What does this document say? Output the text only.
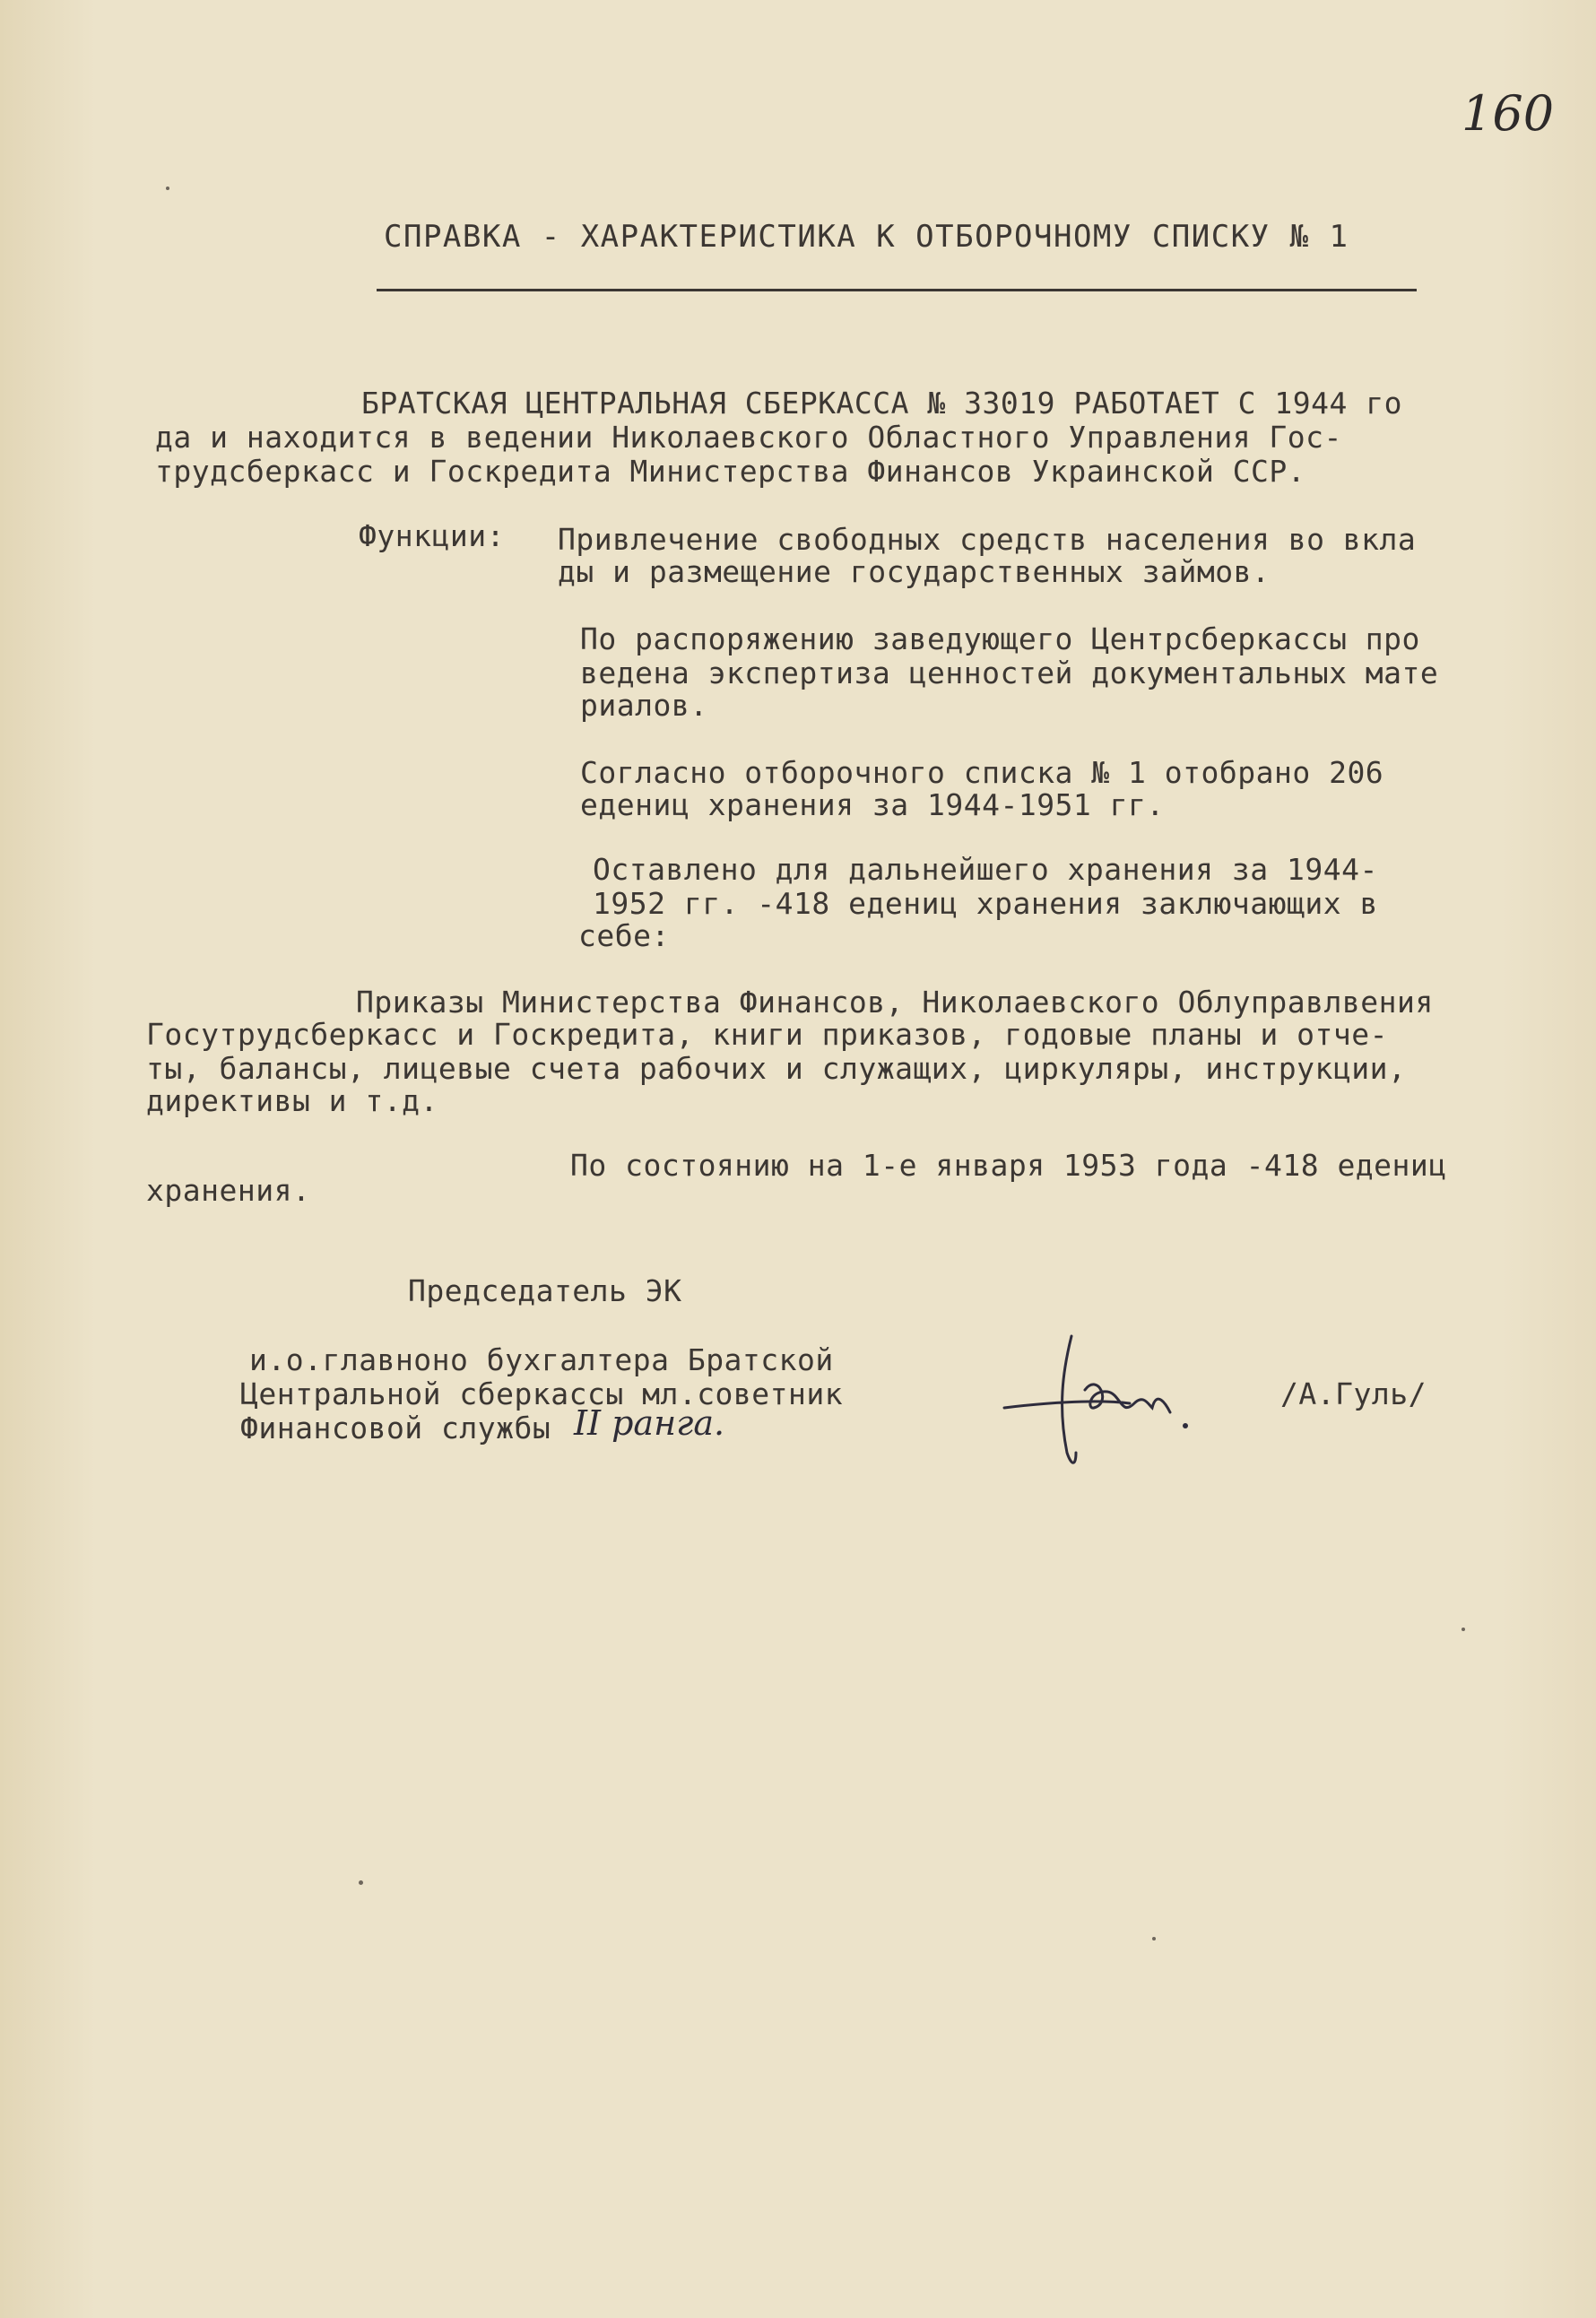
160
СПРАВКА - ХАРАКТЕРИСТИКА К ОТБОРОЧНОМУ СПИСКУ № 1
БРАТСКАЯ ЦЕНТРАЛЬНАЯ СБЕРКАССА № 33019 РАБОТАЕТ С 1944 го
да и находится в ведении Николаевского Областного Управления Гос-
трудсберкасс и Госкредита Министерства Финансов Украинской ССР.
Функции: Привлечение свободных средств населения во вкла
ды и размещение государственных займов.
По распоряжению заведующего Центрсберкассы про
ведена экспертиза ценностей документальных мате
риалов.
Согласно отборочного списка № 1 отобрано 206
едениц хранения за 1944-1951 гг.
Оставлено для дальнейшего хранения за 1944-
1952 гг. -418 едениц хранения заключающих в
себе:
Приказы Министерства Финансов, Николаевского Облуправлвения
Госутрудсберкасс и Госкредита, книги приказов, годовые планы и отче-
ты, балансы, лицевые счета рабочих и служащих, циркуляры, инструкции,
директивы и т.д.
По состоянию на 1-е января 1953 года -418 едениц
хранения.
Председатель ЭК
и.о.главноно бухгалтера Братской
Центральной сберкассы мл.советник
Финансовой службы II ранга.
/А.Гуль/
